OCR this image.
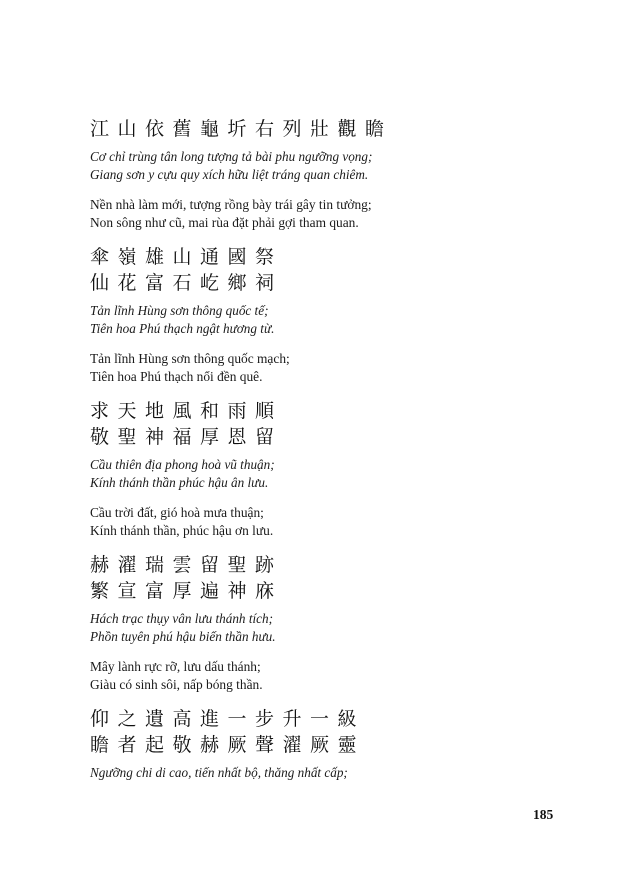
江山依舊龜圻右列壯觀瞻
Cơ chỉ trùng tân long tượng tả bài phu ngưỡng vọng;
Giang sơn y cựu quy xích hữu liệt tráng quan chiêm.
Nền nhà làm mới, tượng rồng bày trái gây tin tưởng;
Non sông như cũ, mai rùa đặt phải gợi tham quan.
傘嶺雄山通國祭
仙花富石屹鄉祠
Tản lĩnh Hùng sơn thông quốc tế;
Tiên hoa Phú thạch ngật hương từ.
Tản lĩnh Hùng sơn thông quốc mạch;
Tiên hoa Phú thạch nổi đền quê.
求天地風和雨順
敬聖神福厚恩留
Cầu thiên địa phong hoà vũ thuận;
Kính thánh thần phúc hậu ân lưu.
Cầu trời đất, gió hoà mưa thuận;
Kính thánh thần, phúc hậu ơn lưu.
赫濯瑞雲留聖跡
繁宣富厚遍神庥
Hách trạc thụy vân lưu thánh tích;
Phồn tuyên phú hậu biến thần hưu.
Mây lành rực rỡ, lưu dấu thánh;
Giàu có sinh sôi, nấp bóng thần.
仰之遺高進一步升一級
瞻者起敬赫厥聲濯厥靈
Ngưỡng chi di cao, tiến nhất bộ, thăng nhất cấp;
185
